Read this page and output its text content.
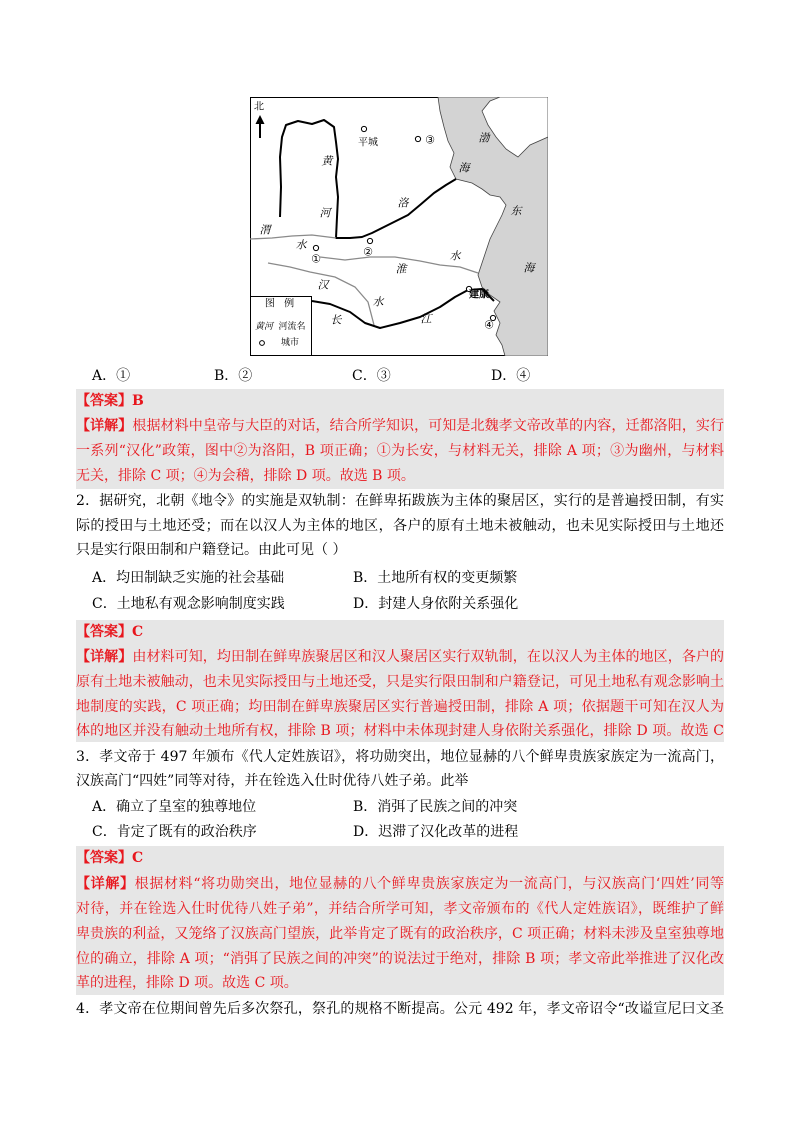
北
平城	③
②
①
建康
④
渤
海
黄
河
洛
渭
水
淮
水
东
海
汉
水
长	江
图 例
黄河 河流名
城市
A．①	B．②	C．③	D．④
【答案】B
【详解】根据材料中皇帝与大臣的对话，结合所学知识，可知是北魏孝文帝改革的内容，迁都洛阳，实行
一系列“汉化”政策，图中②为洛阳，B 项正确；①为长安，与材料无关，排除 A 项；③为幽州，与材料
无关，排除 C 项；④为会稽，排除 D 项。故选 B 项。
2．据研究，北朝《地令》的实施是双轨制：在鲜卑拓跋族为主体的聚居区，实行的是普遍授田制，有实
际的授田与土地还受；而在以汉人为主体的地区，各户的原有土地未被触动，也未见实际授田与土地还
只是实行限田制和户籍登记。由此可见（ ）
A．均田制缺乏实施的社会基础	B．土地所有权的变更频繁
C．土地私有观念影响制度实践	D．封建人身依附关系强化
【答案】C
【详解】由材料可知，均田制在鲜卑族聚居区和汉人聚居区实行双轨制，在以汉人为主体的地区，各户的
原有土地未被触动，也未见实际授田与土地还受，只是实行限田制和户籍登记，可见土地私有观念影响土
地制度的实践，C 项正确；均田制在鲜卑族聚居区实行普遍授田制，排除 A 项；依据题干可知在汉人为
体的地区并没有触动土地所有权，排除 B 项；材料中未体现封建人身依附关系强化，排除 D 项。故选 C
3．孝文帝于 497 年颁布《代人定姓族诏》，将功勋突出，地位显赫的八个鲜卑贵族家族定为一流高门，
汉族高门“四姓”同等对待，并在铨选入仕时优待八姓子弟。此举
A．确立了皇室的独尊地位	B．消弭了民族之间的冲突
C．肯定了既有的政治秩序	D．迟滞了汉化改革的进程
【答案】C
【详解】根据材料“将功勋突出，地位显赫的八个鲜卑贵族家族定为一流高门，与汉族高门‘四姓’同等
对待，并在铨选入仕时优待八姓子弟”，并结合所学可知，孝文帝颁布的《代人定姓族诏》，既维护了鲜
卑贵族的利益，又笼络了汉族高门望族，此举肯定了既有的政治秩序，C 项正确；材料未涉及皇室独尊地
位的确立，排除 A 项；“消弭了民族之间的冲突”的说法过于绝对，排除 B 项；孝文帝此举推进了汉化改
革的进程，排除 D 项。故选 C 项。
4．孝文帝在位期间曾先后多次祭孔，祭孔的规格不断提高。公元 492 年，孝文帝诏令“改谥宣尼曰文圣
